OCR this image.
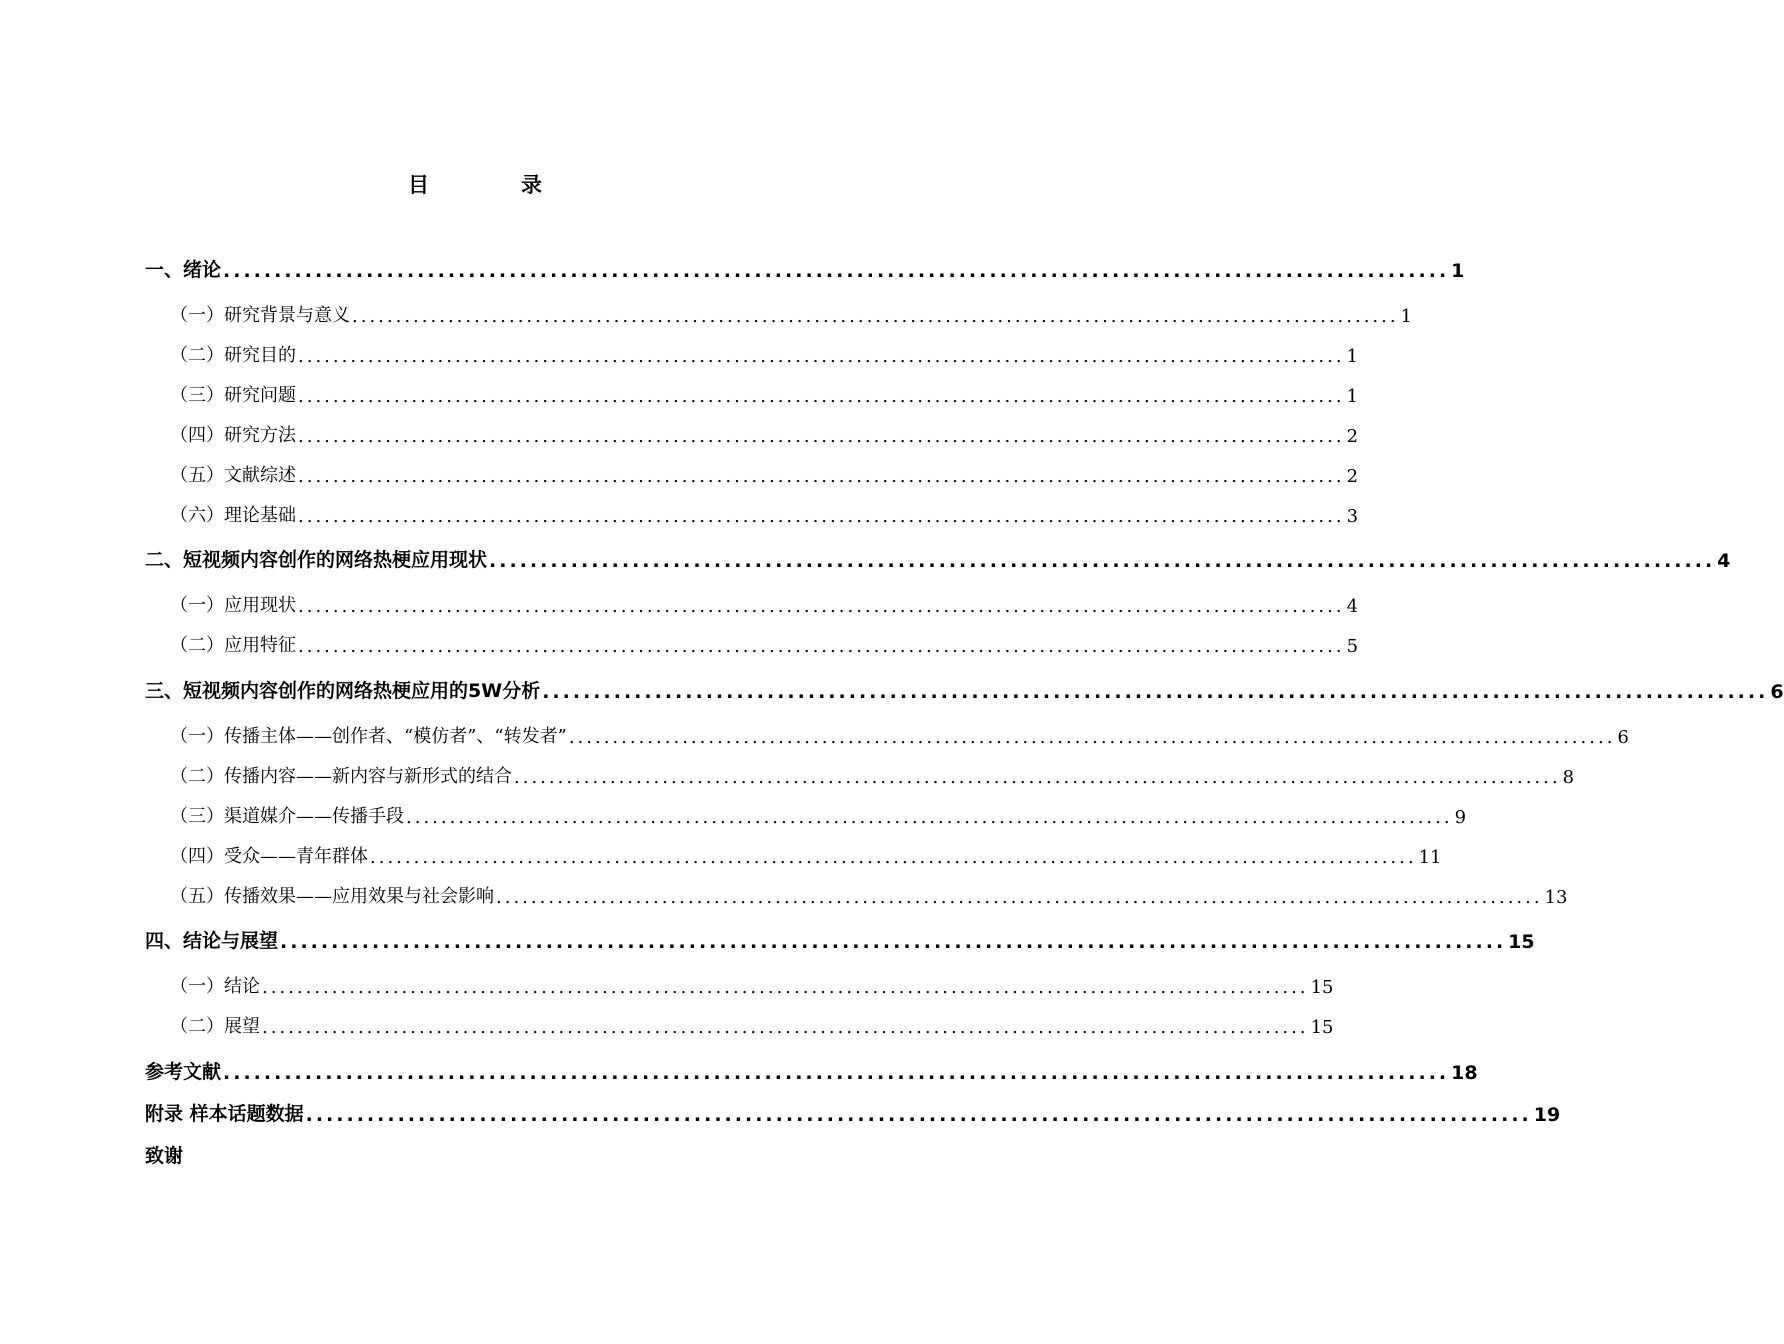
目	录
一、 绪论 ........................................................................................................................ 1
（一） 研究背景与意义 ........................................................................................................................ 1
（二） 研究目的 ........................................................................................................................ 1
（三） 研究问题 ........................................................................................................................ 1
（四） 研究方法 ........................................................................................................................ 2
（五） 文献综述 ........................................................................................................................ 2
（六） 理论基础 ........................................................................................................................ 3
二、 短视频内容创作的网络热梗应用现状 ........................................................................................................................ 4
（一） 应用现状 ........................................................................................................................ 4
（二） 应用特征 ........................................................................................................................ 5
三、 短视频内容创作的网络热梗应用的5W分析 ........................................................................................................................ 6
（一） 传播主体——创作者、“模仿者”、“转发者” ........................................................................................................................ 6
（二） 传播内容——新内容与新形式的结合 ........................................................................................................................ 8
（三） 渠道媒介——传播手段 ........................................................................................................................ 9
（四） 受众——青年群体 ........................................................................................................................ 11
（五） 传播效果——应用效果与社会影响 ........................................................................................................................ 13
四、 结论与展望 ........................................................................................................................ 15
（一） 结论 ........................................................................................................................ 15
（二） 展望 ........................................................................................................................ 15
参考文献 ........................................................................................................................ 18
附录 样本话题数据 ........................................................................................................................ 19
致谢
